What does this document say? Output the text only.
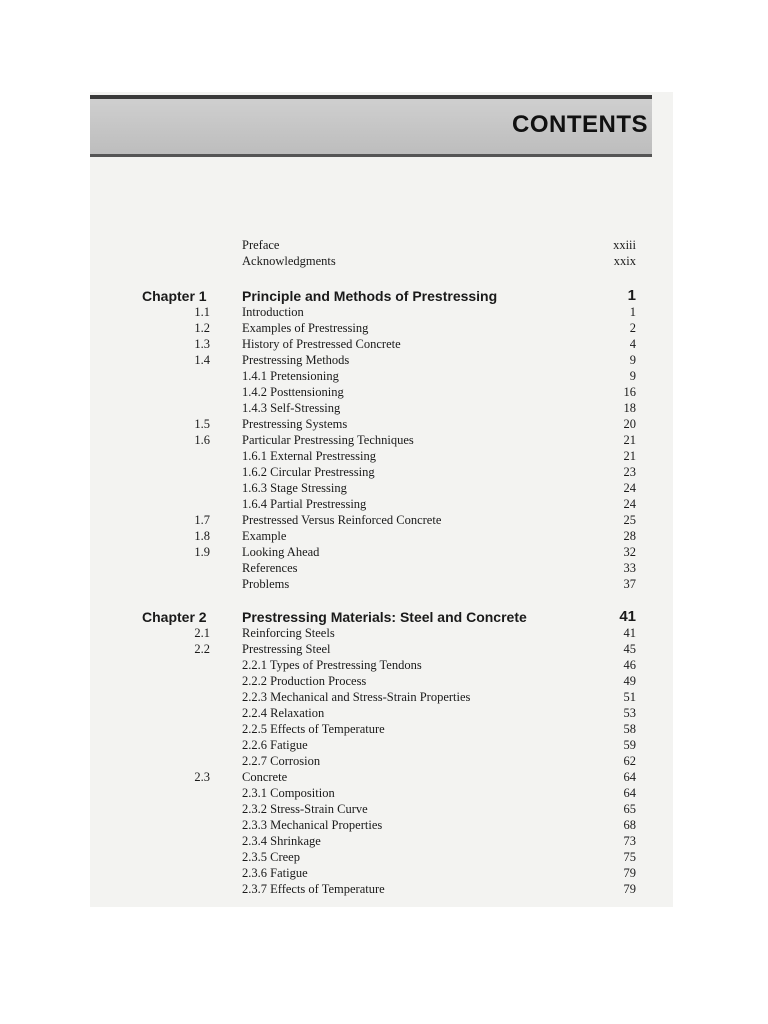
CONTENTS
Preface	xxiii
Acknowledgments	xxix
Chapter 1	Principle and Methods of Prestressing	1
1.1	Introduction	1
1.2	Examples of Prestressing	2
1.3	History of Prestressed Concrete	4
1.4	Prestressing Methods	9
1.4.1 Pretensioning	9
1.4.2 Posttensioning	16
1.4.3 Self-Stressing	18
1.5	Prestressing Systems	20
1.6	Particular Prestressing Techniques	21
1.6.1 External Prestressing	21
1.6.2 Circular Prestressing	23
1.6.3 Stage Stressing	24
1.6.4 Partial Prestressing	24
1.7	Prestressed Versus Reinforced Concrete	25
1.8	Example	28
1.9	Looking Ahead	32
References	33
Problems	37
Chapter 2	Prestressing Materials: Steel and Concrete	41
2.1	Reinforcing Steels	41
2.2	Prestressing Steel	45
2.2.1 Types of Prestressing Tendons	46
2.2.2 Production Process	49
2.2.3 Mechanical and Stress-Strain Properties	51
2.2.4 Relaxation	53
2.2.5 Effects of Temperature	58
2.2.6 Fatigue	59
2.2.7 Corrosion	62
2.3	Concrete	64
2.3.1 Composition	64
2.3.2 Stress-Strain Curve	65
2.3.3 Mechanical Properties	68
2.3.4 Shrinkage	73
2.3.5 Creep	75
2.3.6 Fatigue	79
2.3.7 Effects of Temperature	79
